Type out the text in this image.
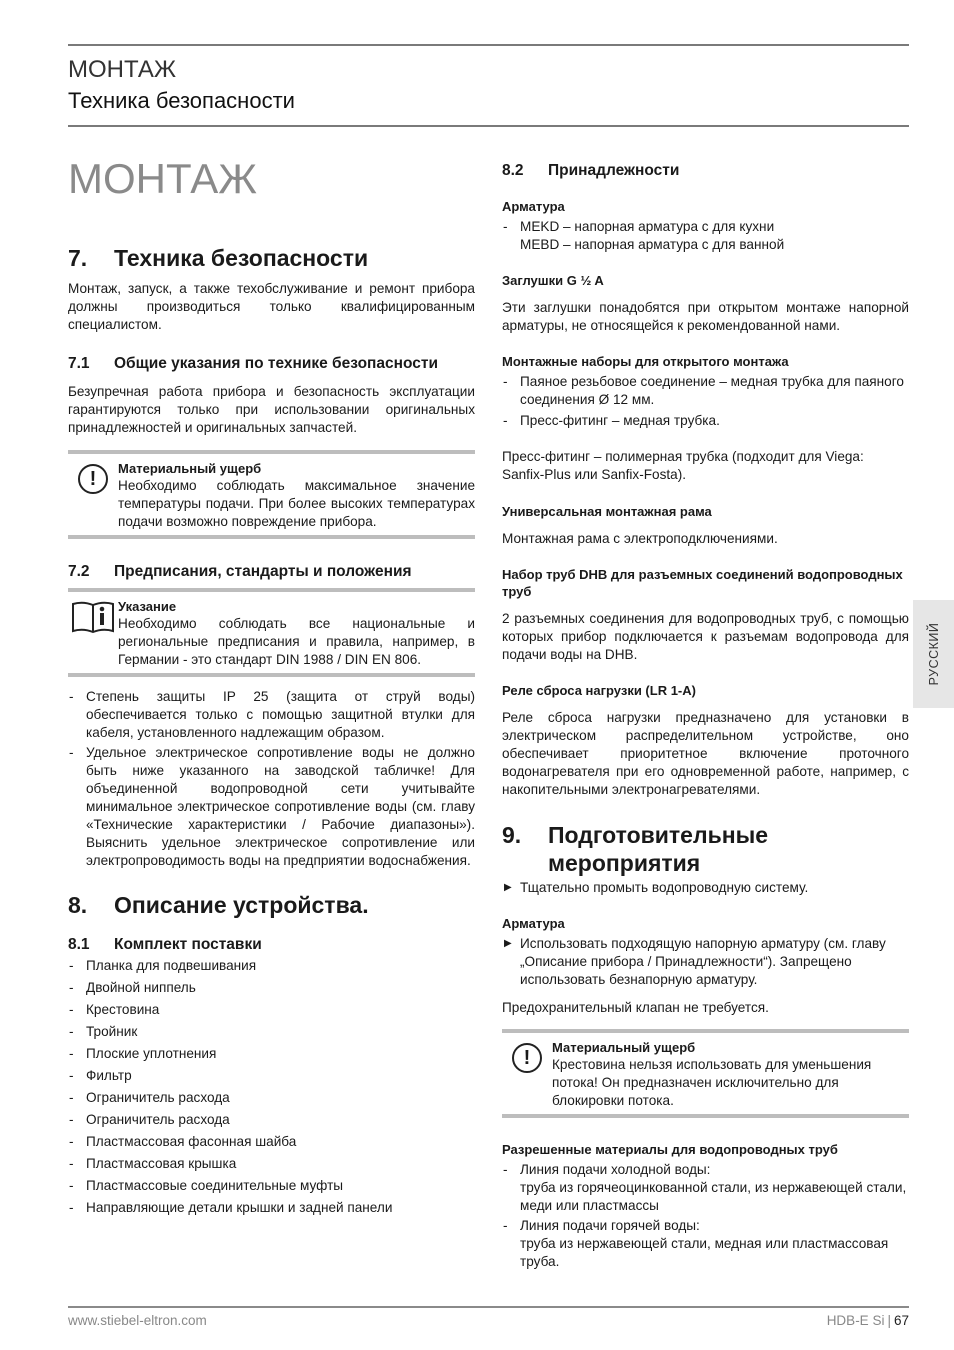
МОНТАЖ
Техника безопасности
МОНТАЖ
7.	Техника безопасности

Монтаж, запуск, а также техобслуживание и ремонт прибора должны производиться только квалифицированным специалистом.

7.1	Общие указания по технике безопасности

Безупречная работа прибора и безопасность эксплуатации гарантируются только при использовании оригинальных принадлежностей и оригинальных запчастей.

!	Материальный ущерб

Необходимо соблюдать максимальное значение температуры подачи. При более высоких температурах подачи возможно повреждение прибора.

7.2	Предписания, стандарты и положения
Указание

Необходимо соблюдать все национальные и региональные предписания и правила, например, в Германии - это стандарт DIN 1988 / DIN EN 806.

- Степень защиты IP 25 (защита от струй воды) обеспечивается только с помощью защитной втулки для кабеля, установленного надлежащим образом.
- Удельное электрическое сопротивление воды не должно быть ниже указанного на заводской табличке! Для объединенной водопроводной сети учитывайте минимальное электрическое сопротивление воды (см. главу «Технические характеристики / Рабочие диапазоны»). Выяснить удельное электрическое сопротивление или электропроводимость воды на предприятии водоснабжения.
8.	Описание устройства.
8.1	Комплект поставки
- Планка для подвешивания
- Двойной ниппель
- Крестовина
- Тройник
- Плоские уплотнения
- Фильтр
- Ограничитель расхода
- Ограничитель расхода
- Пластмассовая фасонная шайба
- Пластмассовая крышка
- Пластмассовые соединительные муфты
- Направляющие детали крышки и задней панели
8.2	Принадлежности
Арматура
- MEKD – напорная арматура с для кухни
MEBD – напорная арматура с для ванной
Заглушки G ½ A

Эти заглушки понадобятся при открытом монтаже напорной арматуры, не относящейся к рекомендованной нами.

Монтажные наборы для открытого монтажа
- Паяное резьбовое соединение – медная трубка для паяного соединения Ø 12 мм.
- Пресс-фитинг – медная трубка.

Пресс-фитинг – полимерная трубка (подходит для Viega: Sanfix-Plus или Sanfix-Fosta).

Универсальная монтажная рама

Монтажная рама с электроподключениями.

Набор труб DHB для разъемных соединений водопроводных труб

2 разъемных соединения для водопроводных труб, с помощью которых прибор подключается к разъемам водопровода для подачи воды на DHB.

Реле сброса нагрузки (LR 1-A)

Реле сброса нагрузки предназначено для установки в электрическом распределительном устройстве, оно обеспечивает приоритетное включение проточного водонагревателя при его одновременной работе, например, с накопительными электронагревателями.

9.	Подготовительные мероприятия
▶ Тщательно промыть водопроводную систему.
Арматура
▶ Использовать подходящую напорную арматуру (см. главу „Описание прибора / Принадлежности“). Запрещено использовать безнапорную арматуру.

Предохранительный клапан не требуется.

!	Материальный ущерб

Крестовина нельзя использовать для уменьшения потока! Он предназначен исключительно для блокировки потока.

Разрешенные материалы для водопроводных труб
- Линия подачи холодной воды:
труба из горячеоцинкованной стали, из нержавеющей стали, меди или пластмассы
- Линия подачи горячей воды:
труба из нержавеющей стали, медная или пластмассовая труба.
РУССКИЙ
www.stiebel-eltron.com	HDB-E Si | 67
